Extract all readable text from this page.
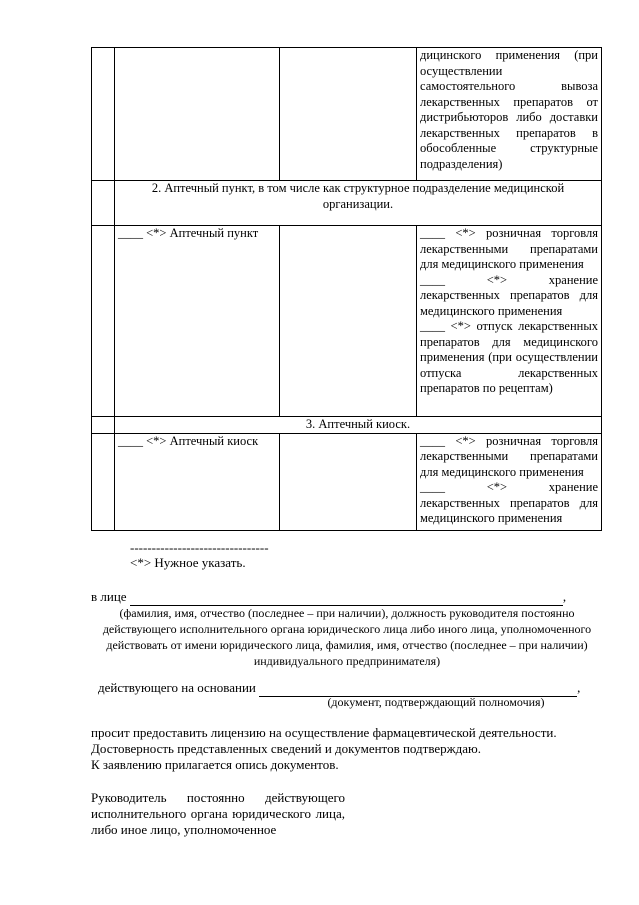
			дицинского применения (при осуществлении самостоятельного вывоза лекарственных препаратов от дистрибьюторов либо доставки лекарственных препаратов в обособленные структурные подразделения)
	2. Аптечный пункт, в том числе как структурное подразделение медицинской организации.		
	____ <*> Аптечный пункт		____ <*> розничная торговля лекарственными препаратами для медицинского применения
____ <*> хранение лекарственных препаратов для медицинского применения
____ <*> отпуск лекарственных препаратов для медицинского применения (при осуществлении отпуска лекарственных препаратов по рецептам)

	3. Аптечный киоск.		
	____ <*> Аптечный киоск		____ <*> розничная торговля лекарственными препаратами для медицинского применения
____ <*> хранение лекарственных препаратов для медицинского применения
--------------------------------
<*> Нужное указать.
в лице	,
(фамилия, имя, отчество (последнее – при наличии), должность руководителя постоянно действующего исполнительного органа юридического лица либо иного лица, уполномоченного действовать от имени юридического лица, фамилия, имя, отчество (последнее – при наличии) индивидуального предпринимателя)
действующего на основании	,
(документ, подтверждающий полномочия)
просит предоставить лицензию на осуществление фармацевтической деятельности.
Достоверность представленных сведений и документов подтверждаю.
К заявлению прилагается опись документов.
Руководитель постоянно действующего исполнительного органа юридического лица, либо иное лицо, уполномоченное
